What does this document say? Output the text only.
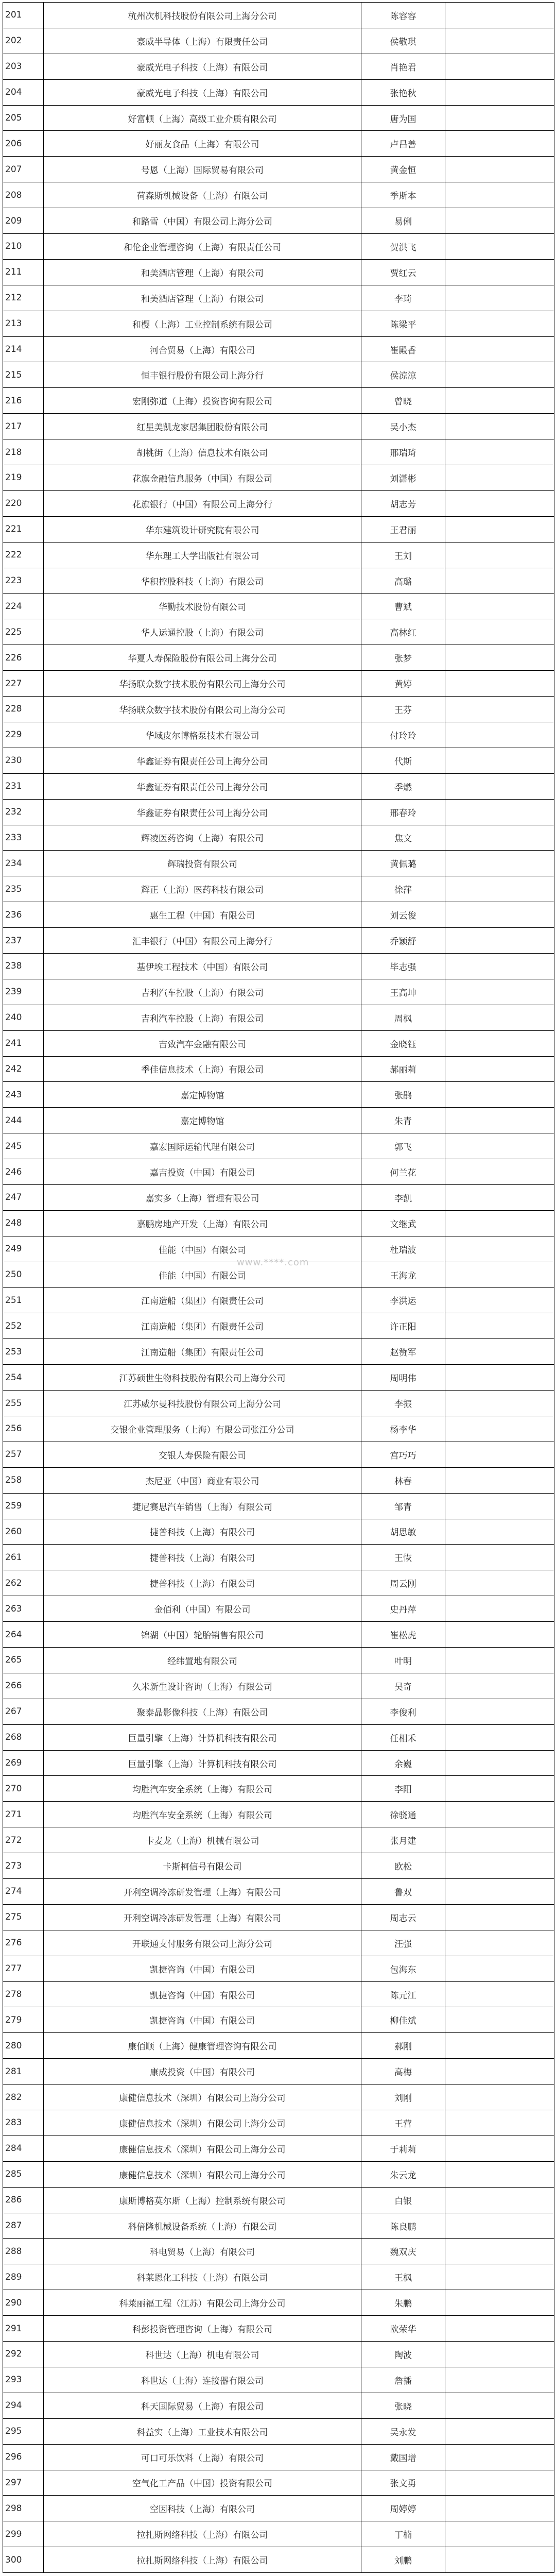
201	杭州次机科技股份有限公司上海分公司	陈容容	
202	豪威半导体（上海）有限责任公司	侯敬琪	
203	豪威光电子科技（上海）有限公司	肖艳君	
204	豪威光电子科技（上海）有限公司	张艳秋	
205	好富顿（上海）高级工业介质有限公司	唐为国	
206	好丽友食品（上海）有限公司	卢昌善	
207	号恩（上海）国际贸易有限公司	黄金恒	
208	荷森斯机械设备（上海）有限公司	季斯本	
209	和路雪（中国）有限公司上海分公司	易俐	
210	和伦企业管理咨询（上海）有限责任公司	贺洪飞	
211	和美酒店管理（上海）有限公司	贾红云	
212	和美酒店管理（上海）有限公司	李琦	
213	和樱（上海）工业控制系统有限公司	陈梁平	
214	河合贸易（上海）有限公司	崔殿香	
215	恒丰银行股份有限公司上海分行	侯涼涼	
216	宏刚弥道（上海）投资咨询有限公司	曾晓	
217	红星美凯龙家居集团股份有限公司	吴小杰	
218	胡桃街（上海）信息技术有限公司	邢瑞琦	
219	花旗金融信息服务（中国）有限公司	刘潇彬	
220	花旗银行（中国）有限公司上海分行	胡志芳	
221	华东建筑设计研究院有限公司	王君丽	
222	华东理工大学出版社有限公司	王刘	
223	华积控股科技（上海）有限公司	高璐	
224	华勤技术股份有限公司	曹斌	
225	华人运通控股（上海）有限公司	高林红	
226	华夏人寿保险股份有限公司上海分公司	张梦	
227	华扬联众数字技术股份有限公司上海分公司	黄婷	
228	华扬联众数字技术股份有限公司上海分公司	王芬	
229	华域皮尔博格泵技术有限公司	付玲玲	
230	华鑫证券有限责任公司上海分公司	代斯	
231	华鑫证券有限责任公司上海分公司	季燃	
232	华鑫证券有限责任公司上海分公司	邢春玲	
233	辉凌医药咨询（上海）有限公司	焦文	
234	辉瑞投资有限公司	黄佩璐	
235	辉正（上海）医药科技有限公司	徐萍	
236	惠生工程（中国）有限公司	刘云俊	
237	汇丰银行（中国）有限公司上海分行	乔颖舒	
238	基伊埃工程技术（中国）有限公司	毕志强	
239	吉利汽车控股（上海）有限公司	王高坤	
240	吉利汽车控股（上海）有限公司	周枫	
241	吉致汽车金融有限公司	金晓钰	
242	季佳信息技术（上海）有限公司	郝丽莉	
243	嘉定博物馆	张鹃	
244	嘉定博物馆	朱青	
245	嘉宏国际运输代理有限公司	郭飞	
246	嘉吉投资（中国）有限公司	何兰花	
247	嘉实多（上海）管理有限公司	李凯	
248	嘉鹏房地产开发（上海）有限公司	文继武	
249	佳能（中国）有限公司	杜瑞波	
250	佳能（中国）有限公司	王海龙	
251	江南造船（集团）有限责任公司	李洪运	
252	江南造船（集团）有限责任公司	许正阳	
253	江南造船（集团）有限责任公司	赵赞军	
254	江苏硕世生物科技股份有限公司上海分公司	周明伟	
255	江苏威尔曼科技股份有限公司上海分公司	李振	
256	交银企业管理服务（上海）有限公司张江分公司	杨李华	
257	交银人寿保险有限公司	宫巧巧	
258	杰尼亚（中国）商业有限公司	林春	
259	捷尼赛思汽车销售（上海）有限公司	邹青	
260	捷普科技（上海）有限公司	胡思敏	
261	捷普科技（上海）有限公司	王恢	
262	捷普科技（上海）有限公司	周云刚	
263	金佰利（中国）有限公司	史丹萍	
264	锦湖（中国）轮胎销售有限公司	崔松虎	
265	经纬置地有限公司	叶明	
266	久米新生设计咨询（上海）有限公司	吴奇	
267	聚泰晶影像科技（上海）有限公司	李俊利	
268	巨量引擎（上海）计算机科技有限公司	任相禾	
269	巨量引擎（上海）计算机科技有限公司	余巍	
270	均胜汽车安全系统（上海）有限公司	李阳	
271	均胜汽车安全系统（上海）有限公司	徐骁通	
272	卡麦龙（上海）机械有限公司	张月建	
273	卡斯柯信号有限公司	欧松	
274	开利空调冷冻研发管理（上海）有限公司	鲁双	
275	开利空调冷冻研发管理（上海）有限公司	周志云	
276	开联通支付服务有限公司上海分公司	汪强	
277	凯捷咨询（中国）有限公司	包海东	
278	凯捷咨询（中国）有限公司	陈元江	
279	凯捷咨询（中国）有限公司	柳佳斌	
280	康佰顺（上海）健康管理咨询有限公司	郝刚	
281	康成投资（中国）有限公司	高梅	
282	康健信息技术（深圳）有限公司上海分公司	刘刚	
283	康健信息技术（深圳）有限公司上海分公司	王营	
284	康健信息技术（深圳）有限公司上海分公司	于莉莉	
285	康健信息技术（深圳）有限公司上海分公司	朱云龙	
286	康斯博格莫尔斯（上海）控制系统有限公司	白银	
287	科倍隆机械设备系统（上海）有限公司	陈良鹏	
288	科电贸易（上海）有限公司	魏双庆	
289	科莱恩化工科技（上海）有限公司	王枫	
290	科莱丽福工程（江苏）有限公司上海分公司	朱鹏	
291	科彭投资管理咨询（上海）有限公司	欧荣华	
292	科世达（上海）机电有限公司	陶波	
293	科世达（上海）连接器有限公司	詹播	
294	科天国际贸易（上海）有限公司	张晓	
295	科益实（上海）工业技术有限公司	吴永发	
296	可口可乐饮料（上海）有限公司	戴国增	
297	空气化工产品（中国）投资有限公司	张文勇	
298	空因科技（上海）有限公司	周婷婷	
299	拉扎斯网络科技（上海）有限公司	丁楠	
300	拉扎斯网络科技（上海）有限公司	刘鹏	
www.****.com
